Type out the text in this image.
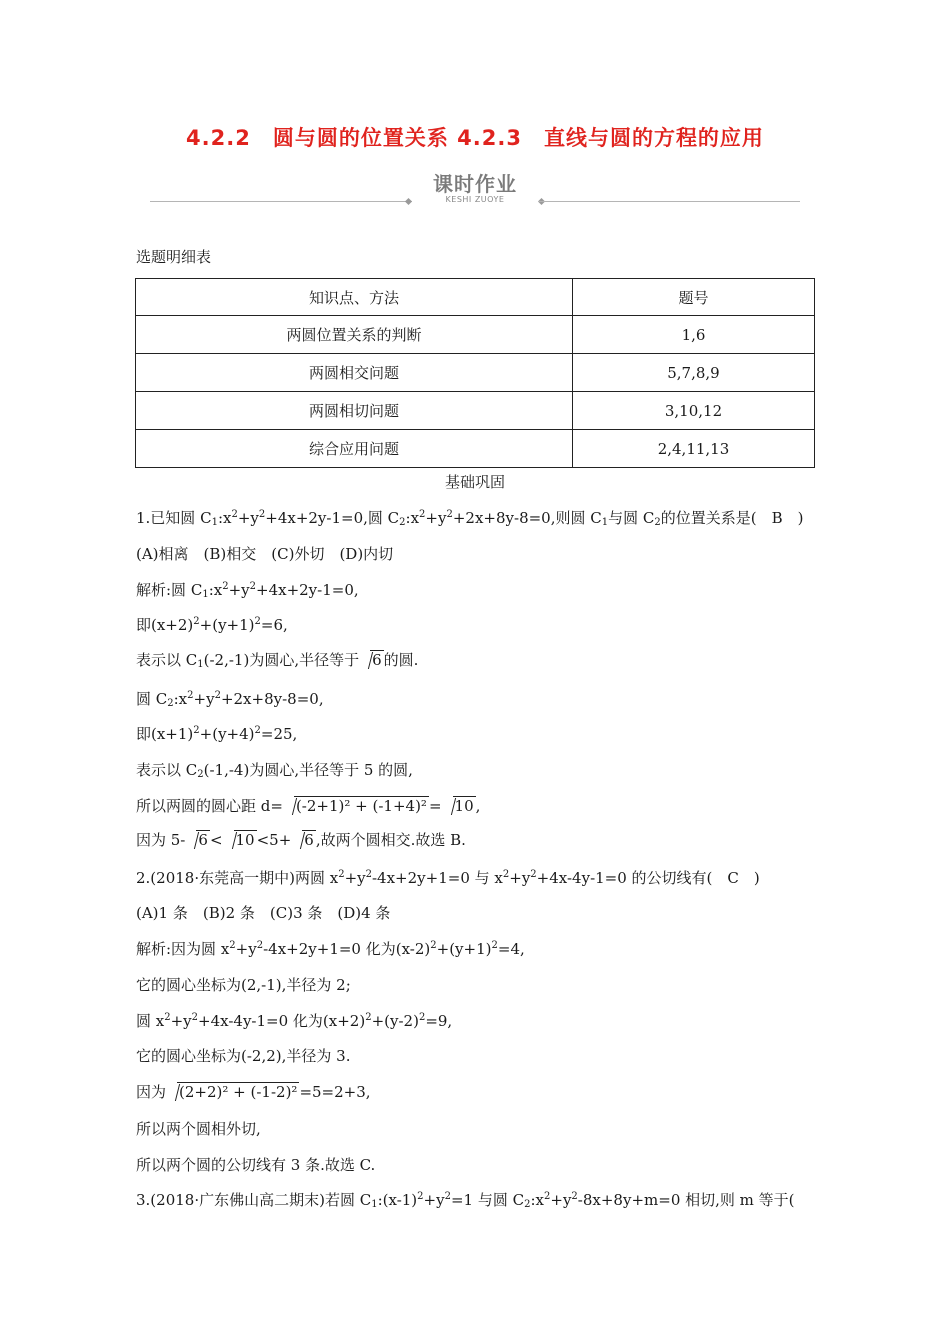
4.2.2　圆与圆的位置关系 4.2.3　直线与圆的方程的应用
课时作业
KESHI ZUOYE
选题明细表
知识点、方法	题号
两圆位置关系的判断	1,6
两圆相交问题	5,7,8,9
两圆相切问题	3,10,12
综合应用问题	2,4,11,13
基础巩固
1.已知圆 $C_1:x^2+y^2+4x+2y-1=0$,圆 $C_2:x^2+y^2+2x+8y-8=0$,则圆 $C_1$与圆 $C_2$的位置关系是(　B　)
(A)相离　(B)相交　(C)外切　(D)内切
解析:圆 $C_1:x^2+y^2+4x+2y-1=0$,
即$(x+2)^2+(y+1)^2=6$,
表示以 $C_1(-2,-1)$为圆心,半径等于 6 的圆.
圆 $C_2:x^2+y^2+2x+8y-8=0$,
即$(x+1)^2+(y+4)^2=25$,
表示以 $C_2(-1,-4)$为圆心,半径等于 5 的圆,
所以两圆的圆心距 d= (-2+1)² + (-1+4)² = 10 ,
因为 5- 6 < 10 <5+ 6 ,故两个圆相交.故选 B.
2.(2018·东莞高一期中)两圆 $x^2+y^2-4x+2y+1=0$ 与 $x^2+y^2+4x-4y-1=0$ 的公切线有(　C　)
(A)1 条　(B)2 条　(C)3 条　(D)4 条
解析:因为圆 $x^2+y^2-4x+2y+1=0$ 化为$(x-2)^2+(y+1)^2=4$,
它的圆心坐标为(2,-1),半径为 2;
圆 $x^2+y^2+4x-4y-1=0$ 化为$(x+2)^2+(y-2)^2=9$,
它的圆心坐标为(-2,2),半径为 3.
因为 (2+2)² + (-1-2)² =5=2+3,
所以两个圆相外切,
所以两个圆的公切线有 3 条.故选 C.
3.(2018·广东佛山高二期末)若圆 $C_1:(x-1)^2+y^2=1$ 与圆 $C_2:x^2+y^2-8x+8y+m=0$ 相切,则 m 等于(
